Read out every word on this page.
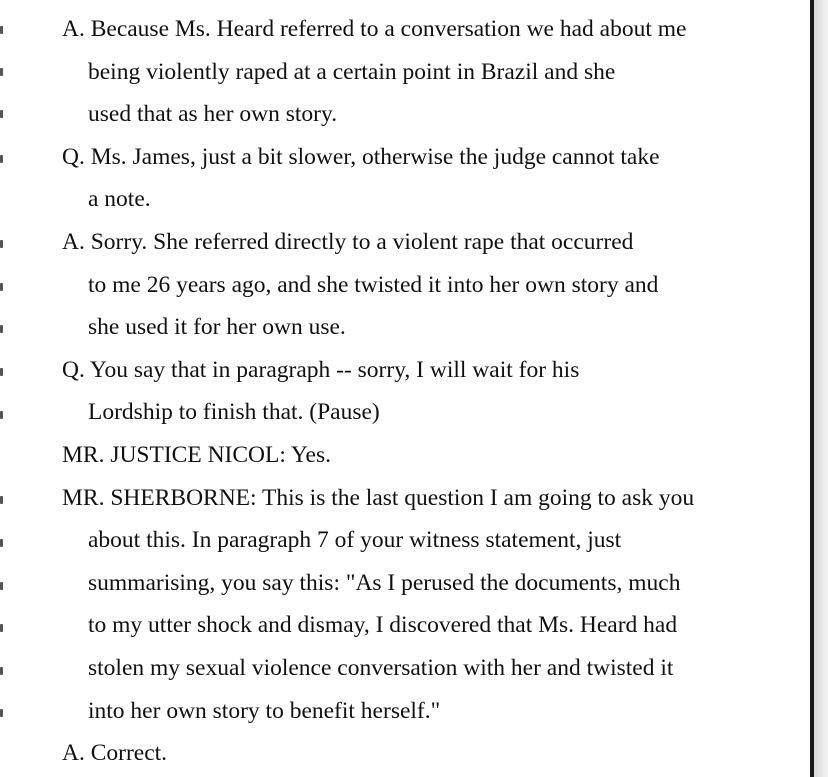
A. Because Ms. Heard referred to a conversation we had about me
being violently raped at a certain point in Brazil and she
used that as her own story.
Q. Ms. James, just a bit slower, otherwise the judge cannot take
a note.
A. Sorry. She referred directly to a violent rape that occurred
to me 26 years ago, and she twisted it into her own story and
she used it for her own use.
Q. You say that in paragraph -- sorry, I will wait for his
Lordship to finish that. (Pause)
MR. JUSTICE NICOL: Yes.
MR. SHERBORNE: This is the last question I am going to ask you
about this. In paragraph 7 of your witness statement, just
summarising, you say this: "As I perused the documents, much
to my utter shock and dismay, I discovered that Ms. Heard had
stolen my sexual violence conversation with her and twisted it
into her own story to benefit herself."
A. Correct.
